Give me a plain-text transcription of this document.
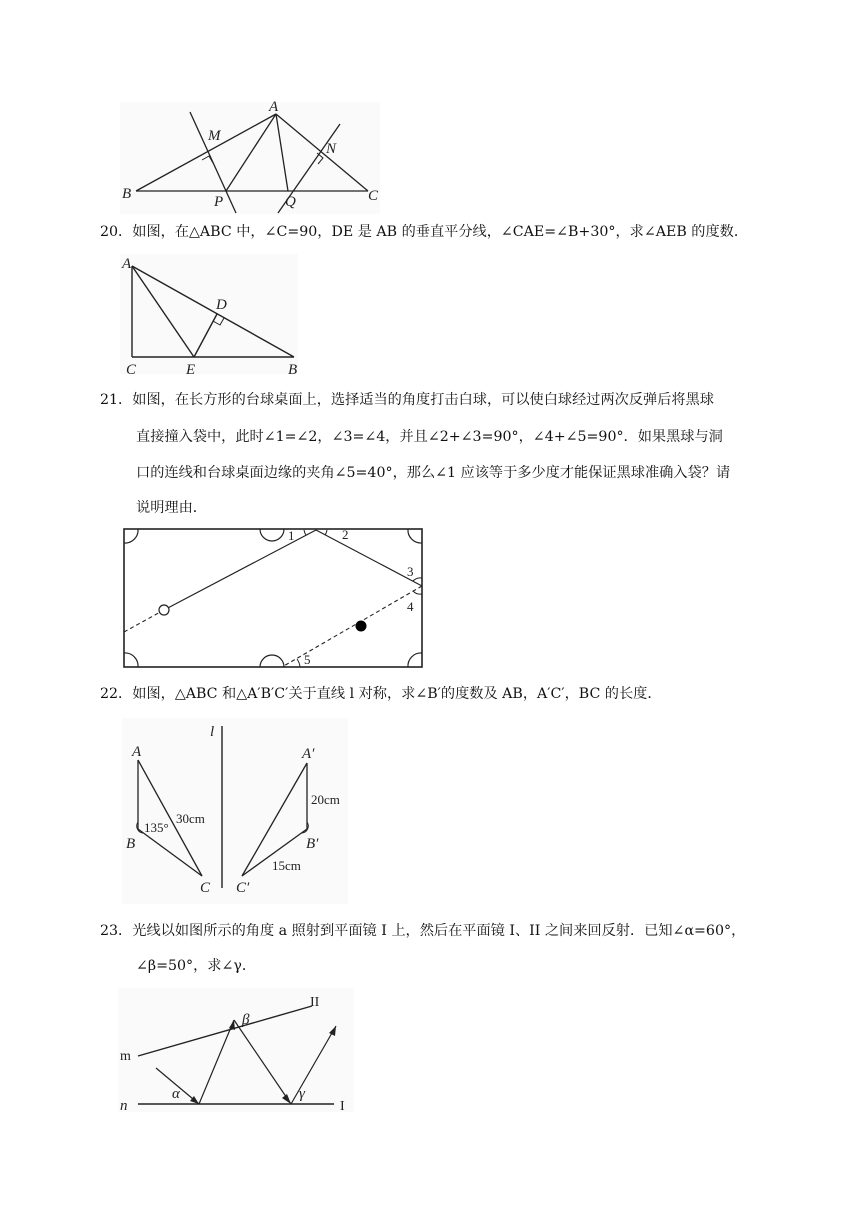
A
M
N
B	P	Q	C
20．如图，在△ABC 中，∠C=90，DE 是 AB 的垂直平分线，∠CAE=∠B+30°，求∠AEB 的度数．
A
D
C	E	B
21．如图，在长方形的台球桌面上，选择适当的角度打击白球，可以使白球经过两次反弹后将黑球
直接撞入袋中，此时∠1=∠2，∠3=∠4，并且∠2+∠3=90°，∠4+∠5=90°．如果黑球与洞
口的连线和台球桌面边缘的夹角∠5=40°，那么∠1 应该等于多少度才能保证黑球准确入袋？请
说明理由．
1	2
3
4
5
22．如图，△ABC 和△A′B′C′关于直线 l 对称，求∠B′的度数及 AB，A′C′，BC 的长度．
l
A
B
C
135°
30cm
A′
B′
C′
20cm
15cm
23．光线以如图所示的角度 a 照射到平面镜 I 上，然后在平面镜 I、II 之间来回反射．已知∠α=60°，
∠β=50°，求∠γ．
II
I
m
n
α
β
γ
